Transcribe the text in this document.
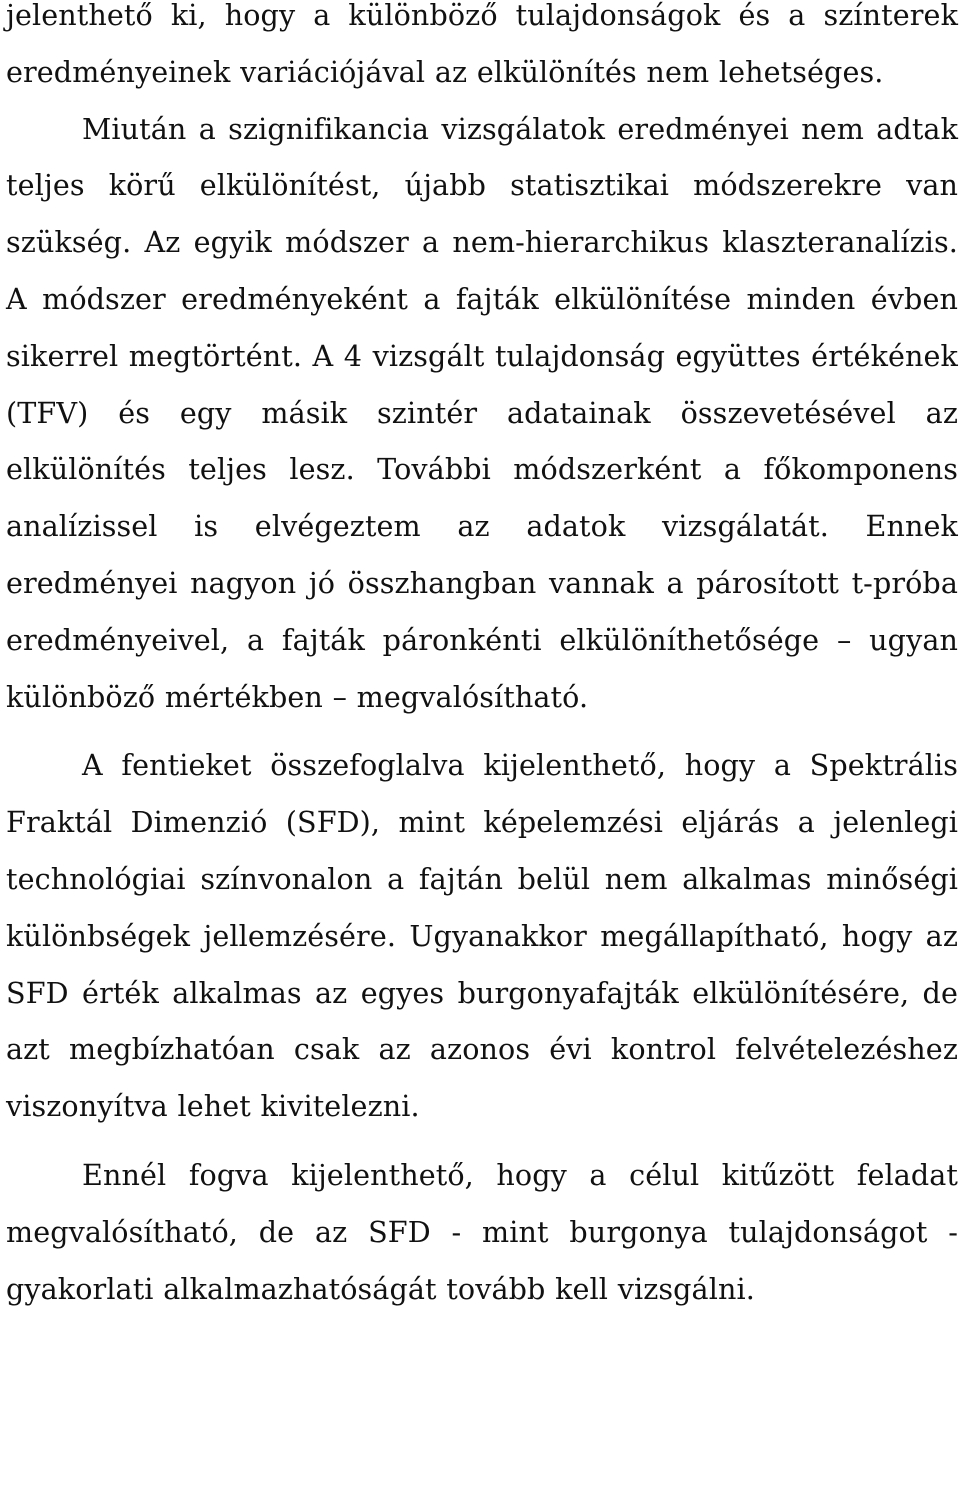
jelenthető ki, hogy a különböző tulajdonságok és a színterek eredményeinek variációjával az elkülönítés nem lehetséges.

Miután a szignifikancia vizsgálatok eredményei nem adtak teljes körű elkülönítést, újabb statisztikai módszerekre van szükség. Az egyik módszer a nem-hierarchikus klaszteranalízis. A módszer eredményeként a fajták elkülönítése minden évben sikerrel megtörtént. A 4 vizsgált tulajdonság együttes értékének (TFV) és egy másik szintér adatainak összevetésével az elkülönítés teljes lesz. További módszerként a főkomponens analízissel is elvégeztem az adatok vizsgálatát. Ennek eredményei nagyon jó összhangban vannak a párosított t-próba eredményeivel, a fajták páronkénti elkülöníthetősége – ugyan különböző mértékben – megvalósítható.

A fentieket összefoglalva kijelenthető, hogy a Spektrális Fraktál Dimenzió (SFD), mint képelemzési eljárás a jelenlegi technológiai színvonalon a fajtán belül nem alkalmas minőségi különbségek jellemzésére. Ugyanakkor megállapítható, hogy az SFD érték alkalmas az egyes burgonyafajták elkülönítésére, de azt megbízhatóan csak az azonos évi kontrol felvételezéshez viszonyítva lehet kivitelezni.

Ennél fogva kijelenthető, hogy a célul kitűzött feladat megvalósítható, de az SFD - mint burgonya tulajdonságot - gyakorlati alkalmazhatóságát tovább kell vizsgálni.
